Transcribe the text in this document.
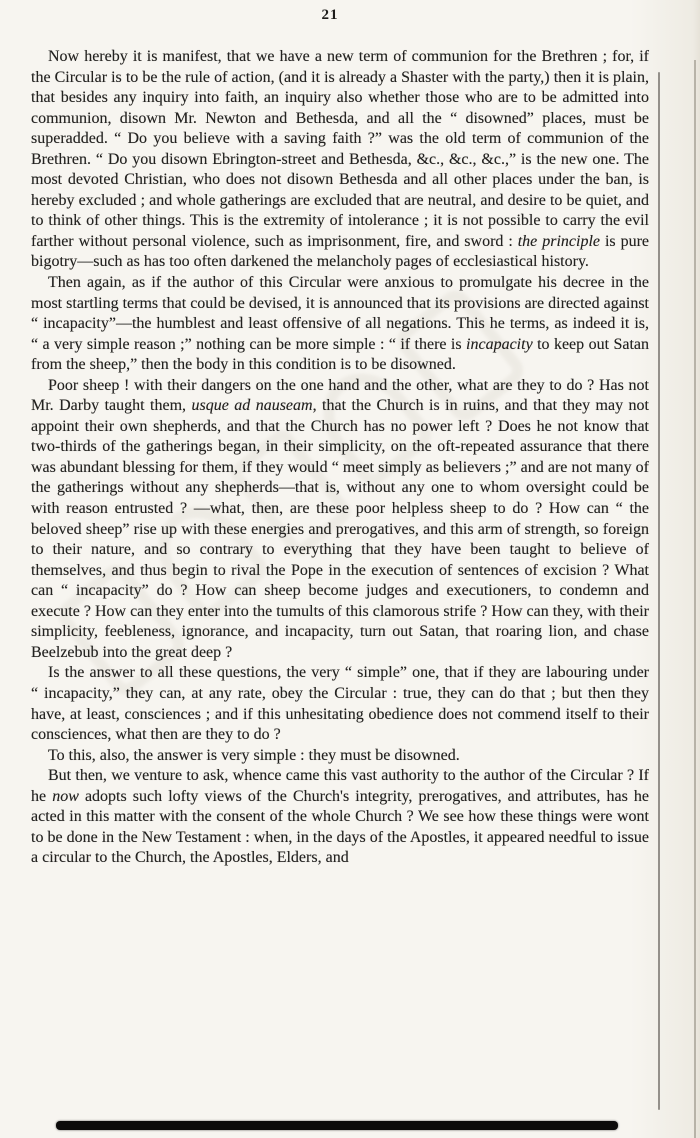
21

Now hereby it is manifest, that we have a new term of communion for the Brethren ; for, if the Circular is to be the rule of action, (and it is already a Shaster with the party,) then it is plain, that besides any inquiry into faith, an inquiry also whether those who are to be admitted into communion, disown Mr. Newton and Bethesda, and all the “ disowned” places, must be superadded. “ Do you believe with a saving faith ?” was the old term of communion of the Brethren. “ Do you disown Ebrington-street and Bethesda, &c., &c., &c.,” is the new one. The most devoted Christian, who does not disown Bethesda and all other places under the ban, is hereby excluded ; and whole gatherings are excluded that are neutral, and desire to be quiet, and to think of other things. This is the extremity of intolerance ; it is not possible to carry the evil farther without personal violence, such as imprisonment, fire, and sword : the principle is pure bigotry—such as has too often darkened the melancholy pages of ecclesiastical history.

Then again, as if the author of this Circular were anxious to promulgate his decree in the most startling terms that could be devised, it is announced that its provisions are directed against “ incapacity”—the humblest and least offensive of all negations. This he terms, as indeed it is, “ a very simple reason ;” nothing can be more simple : “ if there is incapacity to keep out Satan from the sheep,” then the body in this condition is to be disowned.

Poor sheep ! with their dangers on the one hand and the other, what are they to do ? Has not Mr. Darby taught them, usque ad nauseam, that the Church is in ruins, and that they may not appoint their own shepherds, and that the Church has no power left ? Does he not know that two-thirds of the gatherings began, in their simplicity, on the oft-repeated assurance that there was abundant blessing for them, if they would “ meet simply as believers ;” and are not many of the gatherings without any shepherds—that is, without any one to whom oversight could be with reason entrusted ? —what, then, are these poor helpless sheep to do ? How can “ the beloved sheep” rise up with these energies and prerogatives, and this arm of strength, so foreign to their nature, and so contrary to everything that they have been taught to believe of themselves, and thus begin to rival the Pope in the execution of sentences of excision ? What can “ incapacity” do ? How can sheep become judges and executioners, to condemn and execute ? How can they enter into the tumults of this clamorous strife ? How can they, with their simplicity, feebleness, ignorance, and incapacity, turn out Satan, that roaring lion, and chase Beelzebub into the great deep ?

Is the answer to all these questions, the very “ simple” one, that if they are labouring under “ incapacity,” they can, at any rate, obey the Circular : true, they can do that ; but then they have, at least, consciences ; and if this unhesitating obedience does not commend itself to their consciences, what then are they to do ?

To this, also, the answer is very simple : they must be disowned.

But then, we venture to ask, whence came this vast authority to the author of the Circular ? If he now adopts such lofty views of the Church's integrity, prerogatives, and attributes, has he acted in this matter with the consent of the whole Church ? We see how these things were wont to be done in the New Testament : when, in the days of the Apostles, it appeared needful to issue a circular to the Church, the Apostles, Elders, and
